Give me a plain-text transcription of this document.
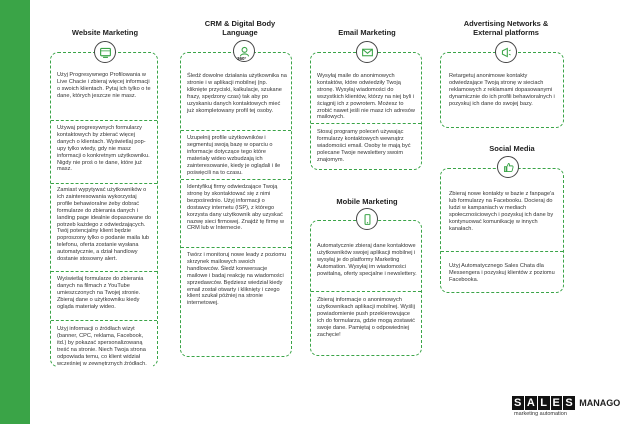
Website Marketing
Użyj Progresywnego Profilowania w Live Chacie i zbieraj więcej informacji o swoich klientach. Pytaj ich tylko o te dane, których jeszcze nie masz.
Używaj progresywnych formularzy kontaktowych by zbierać więcej danych o klientach. Wyświetlaj pop-upy tylko wtedy, gdy nie masz informacji o konkretnym użytkowniku. Nigdy nie proś o te dane, które już masz.
Zamiast wypytywać użytkowników o ich zainteresowania wykorzystaj profile behawioralne żeby dobrać formularze do zbierania danych i landing page idealnie dopasowane do potrzeb każdego z odwiedzających. Twój potencjalny klient będzie poproszony tylko o podanie maila lub telefonu, oferta zostanie wysłana automatycznie, a dział handlowy dostanie stosowny alert.
Wyświetlaj formularze do zbierania danych na filmach z YouTube umieszczonych na Twojej stronie. Zbieraj dane o użytkowniku kiedy ogląda materiały wideo.
Użyj informacji o źródłach wizyt (banner, CPC, reklama, Facebook, itd.) by pokazać spersonalizowaną treść na stronie. Niech Twoja strona odpowiada temu, co klient widział wcześniej w zewnętrznych źródłach.
CRM & Digital Body Language
360°
Śledź dowolne działania użytkownika na stronie i w aplikacji mobilnej (np. kliknięte przyciski, kalkulacje, szukane frazy, spędzony czas) tak aby po uzyskaniu danych kontaktowych mieć już skompletowany profil tej osoby.
Uzupełnij profile użytkowników i segmentuj swoją bazę w oparciu o informacje dotyczące tego które materiały wideo wzbudzają ich zainteresowanie, kiedy je oglądali i ile poświęcili na to czasu.
Identyfikuj firmy odwiedzające Twoją stronę by skontaktować się z nimi bezpośrednio. Użyj informacji o dostawcy internetu (ISP), z którego korzysta dany użytkownik aby uzyskać nazwę sieci firmowej. Znajdź tę firmę w CRM lub w Internecie.
Twórz i monitoruj nowe leady z poziomu skrzynek mailowych swoich handlowców. Śledź konwersacje mailowe i badaj reakcję na wiadomości sprzedawców. Będziesz wiedział kiedy email został otwarty i kliknięty i czego klient szukał później na stronie internetowej.
Email Marketing
Wysyłaj maile do anonimowych kontaktów, które odwiedziły Twoją stronę. Wysyłaj wiadomości do wszystkich klientów, którzy na niej byli i ściągnij ich z powrotem. Możesz to zrobić nawet jeśli nie masz ich adresów mailowych.
Stosuj programy poleceń używając formularzy kontaktowych wewnątrz wiadomości email. Osoby te mają być polecane Twoje newslettery swoim znajomym.
Mobile Marketing
Automatycznie zbieraj dane kontaktowe użytkowników swojej aplikacji mobilnej i wysyłaj je do platformy Marketing Automation. Wysyłaj im wiadomości powitalną, oferty specjalne i newslettery.
Zbieraj informacje o anonimowych użytkownikach aplikacji mobilnej. Wyślij powiadomienie push przekierowujące ich do formularza, gdzie mogą zostawić swoje dane. Pamiętaj o odpowiedniej zachęcie!
Advertising Networks & External platforms
Retargetuj anonimowe kontakty odwiedzające Twoją stronę w sieciach reklamowych z reklamami dopasowanymi dynamicznie do ich profili behawioralnych i pozyskuj ich dane do swojej bazy.
Social Media
Zbieraj nowe kontakty w bazie z fanpage'a lub formularzy na Facebooku. Docieraj do ludzi w kampaniach w mediach społecznościowych i pozyskuj ich dane by kontynuować komunikację w innych kanałach.
Użyj Automatycznego Sales Chata dla Messengera i pozyskuj klientów z poziomu Facebooka.
S A L E S MANAGO
marketing automation
